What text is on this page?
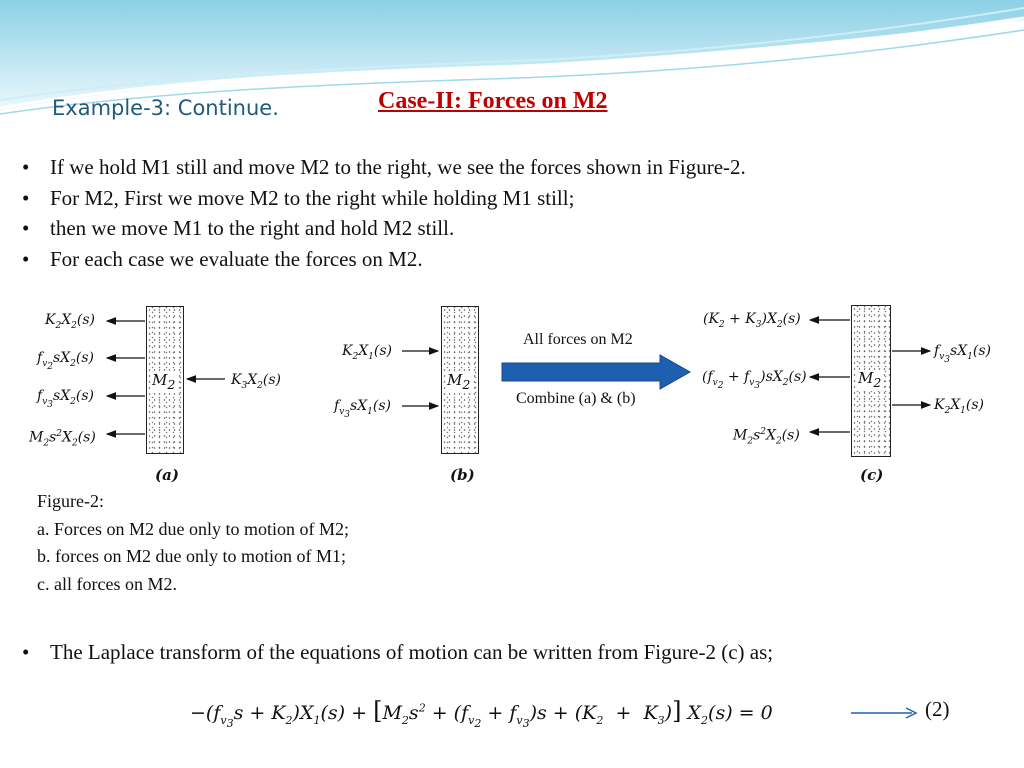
Example-3: Continue.	Case-II: Forces on M2
• If we hold M1 still and move M2 to the right, we see the forces shown in Figure-2.
• For M2, First we move M2 to the right while holding M1 still;
• then we move M1 to the right and hold M2 still.
• For each case we evaluate the forces on M2.
$M_2$
$K_2X_2(s)$
$f_{v_2}sX_2(s)$
$f_{v_3}sX_2(s)$
$M_2s^2X_2(s)$
$K_3X_2(s)$
(a)
$M_2$
$K_2X_1(s)$
$f_{v_3}sX_1(s)$
(b)
All forces on M2
Combine (a) & (b)
$M_2$
$(K_2 + K_3)X_2(s)$
$(f_{v_2} + f_{v_3})sX_2(s)$
$M_2s^2X_2(s)$
$f_{v_3}sX_1(s)$
$K_2X_1(s)$
(c)
Figure-2:
a. Forces on M2 due only to motion of M2;
b. forces on M2 due only to motion of M1;
c. all forces on M2.
• The Laplace transform of the equations of motion can be written from Figure-2 (c) as;
$-(f_{v_3}s + K_2)X_1(s) + [M_2s^2 + (f_{v_2} + f_{v_3})s + (K_2 + K_3)] X_2(s) = 0$	(2)
